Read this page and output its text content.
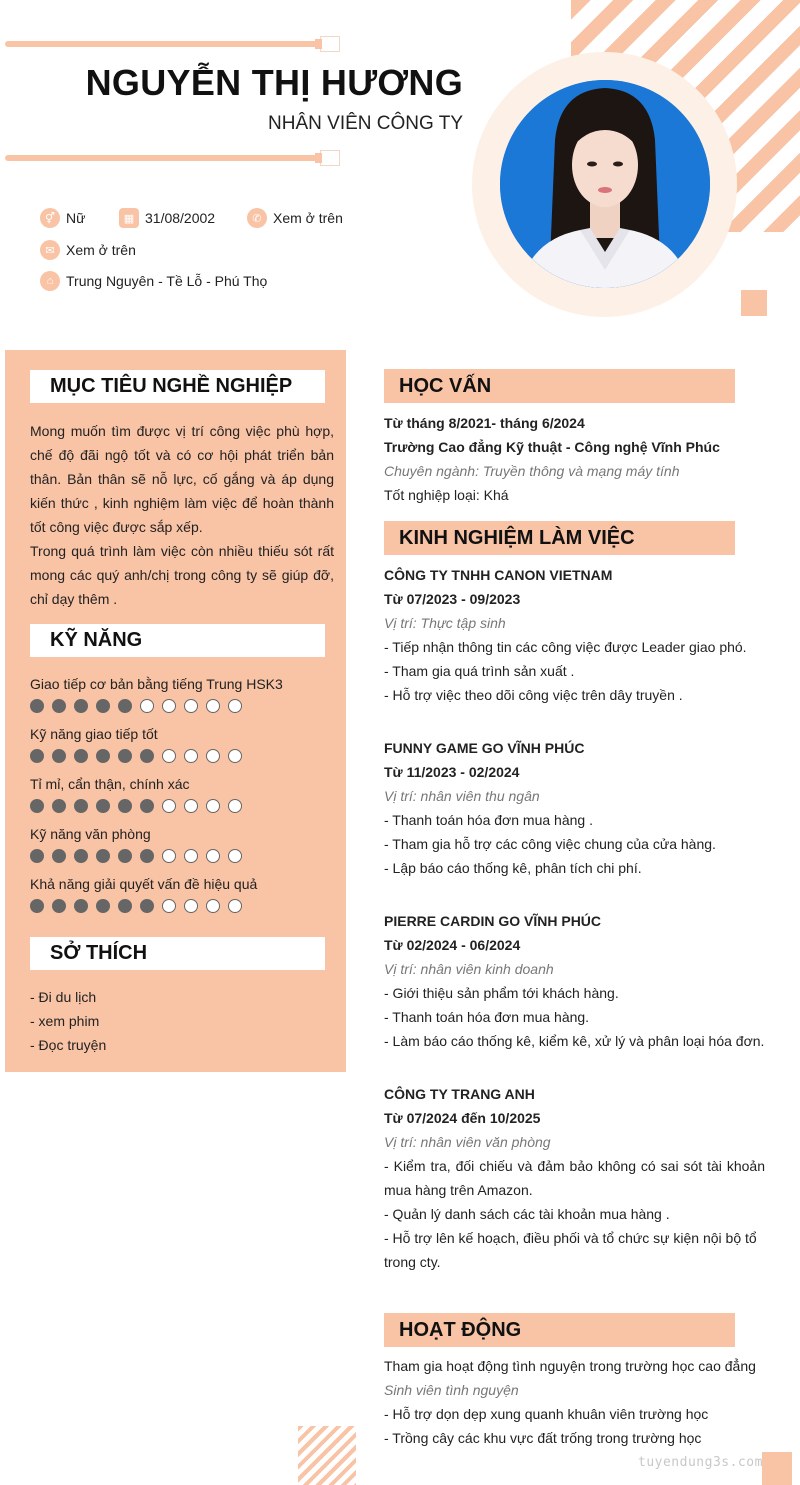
NGUYỄN THỊ HƯƠNG
NHÂN VIÊN CÔNG TY
⚥ Nữ	▦ 31/08/2002	✆ Xem ở trên
✉ Xem ở trên
⌂ Trung Nguyên - Tề Lỗ - Phú Thọ
MỤC TIÊU NGHỀ NGHIỆP
Mong muốn tìm được vị trí công việc phù hợp, chế độ đãi ngộ tốt và có cơ hội phát triển bản thân. Bản thân sẽ nỗ lực, cố gắng và áp dụng kiến thức , kinh nghiệm làm việc để hoàn thành tốt công việc được sắp xếp.
Trong quá trình làm việc còn nhiều thiếu sót rất mong các quý anh/chị trong công ty sẽ giúp đỡ, chỉ dạy thêm .
KỸ NĂNG
Giao tiếp cơ bản bằng tiếng Trung HSK3
Kỹ năng giao tiếp tốt
Tỉ mỉ, cẩn thận, chính xác
Kỹ năng văn phòng
Khả năng giải quyết vấn đề hiệu quả
SỞ THÍCH
- Đi du lịch
- xem phim
- Đọc truyện
HỌC VẤN
Từ tháng 8/2021- tháng 6/2024
Trường Cao đẳng Kỹ thuật - Công nghệ Vĩnh Phúc
Chuyên ngành: Truyền thông và mạng máy tính
Tốt nghiệp loại: Khá
KINH NGHIỆM LÀM VIỆC
CÔNG TY TNHH CANON VIETNAM
Từ 07/2023 - 09/2023
Vị trí: Thực tập sinh
- Tiếp nhận thông tin các công việc được Leader giao phó.
- Tham gia quá trình sản xuất .
- Hỗ trợ việc theo dõi công việc trên dây truyền .
FUNNY GAME GO VĨNH PHÚC
Từ 11/2023 - 02/2024
Vị trí: nhân viên thu ngân
- Thanh toán hóa đơn mua hàng .
- Tham gia hỗ trợ các công việc chung của cửa hàng.
- Lập báo cáo thống kê, phân tích chi phí.
PIERRE CARDIN GO VĨNH PHÚC
Từ 02/2024 - 06/2024
Vị trí: nhân viên kinh doanh
- Giới thiệu sản phẩm tới khách hàng.
- Thanh toán hóa đơn mua hàng.
- Làm báo cáo thống kê, kiểm kê, xử lý và phân loại hóa đơn.
CÔNG TY TRANG ANH
Từ 07/2024 đến 10/2025
Vị trí: nhân viên văn phòng
- Kiểm tra, đối chiếu và đảm bảo không có sai sót tài khoản mua hàng trên Amazon.
- Quản lý danh sách các tài khoản mua hàng .
- Hỗ trợ lên kế hoạch, điều phối và tổ chức sự kiện nội bộ tổ trong cty.
HOẠT ĐỘNG
Tham gia hoạt động tình nguyện trong trường học cao đẳng
Sinh viên tình nguyện
- Hỗ trợ dọn dẹp xung quanh khuân viên trường học
- Trồng cây các khu vực đất trống trong trường học
tuyendung3s.com
